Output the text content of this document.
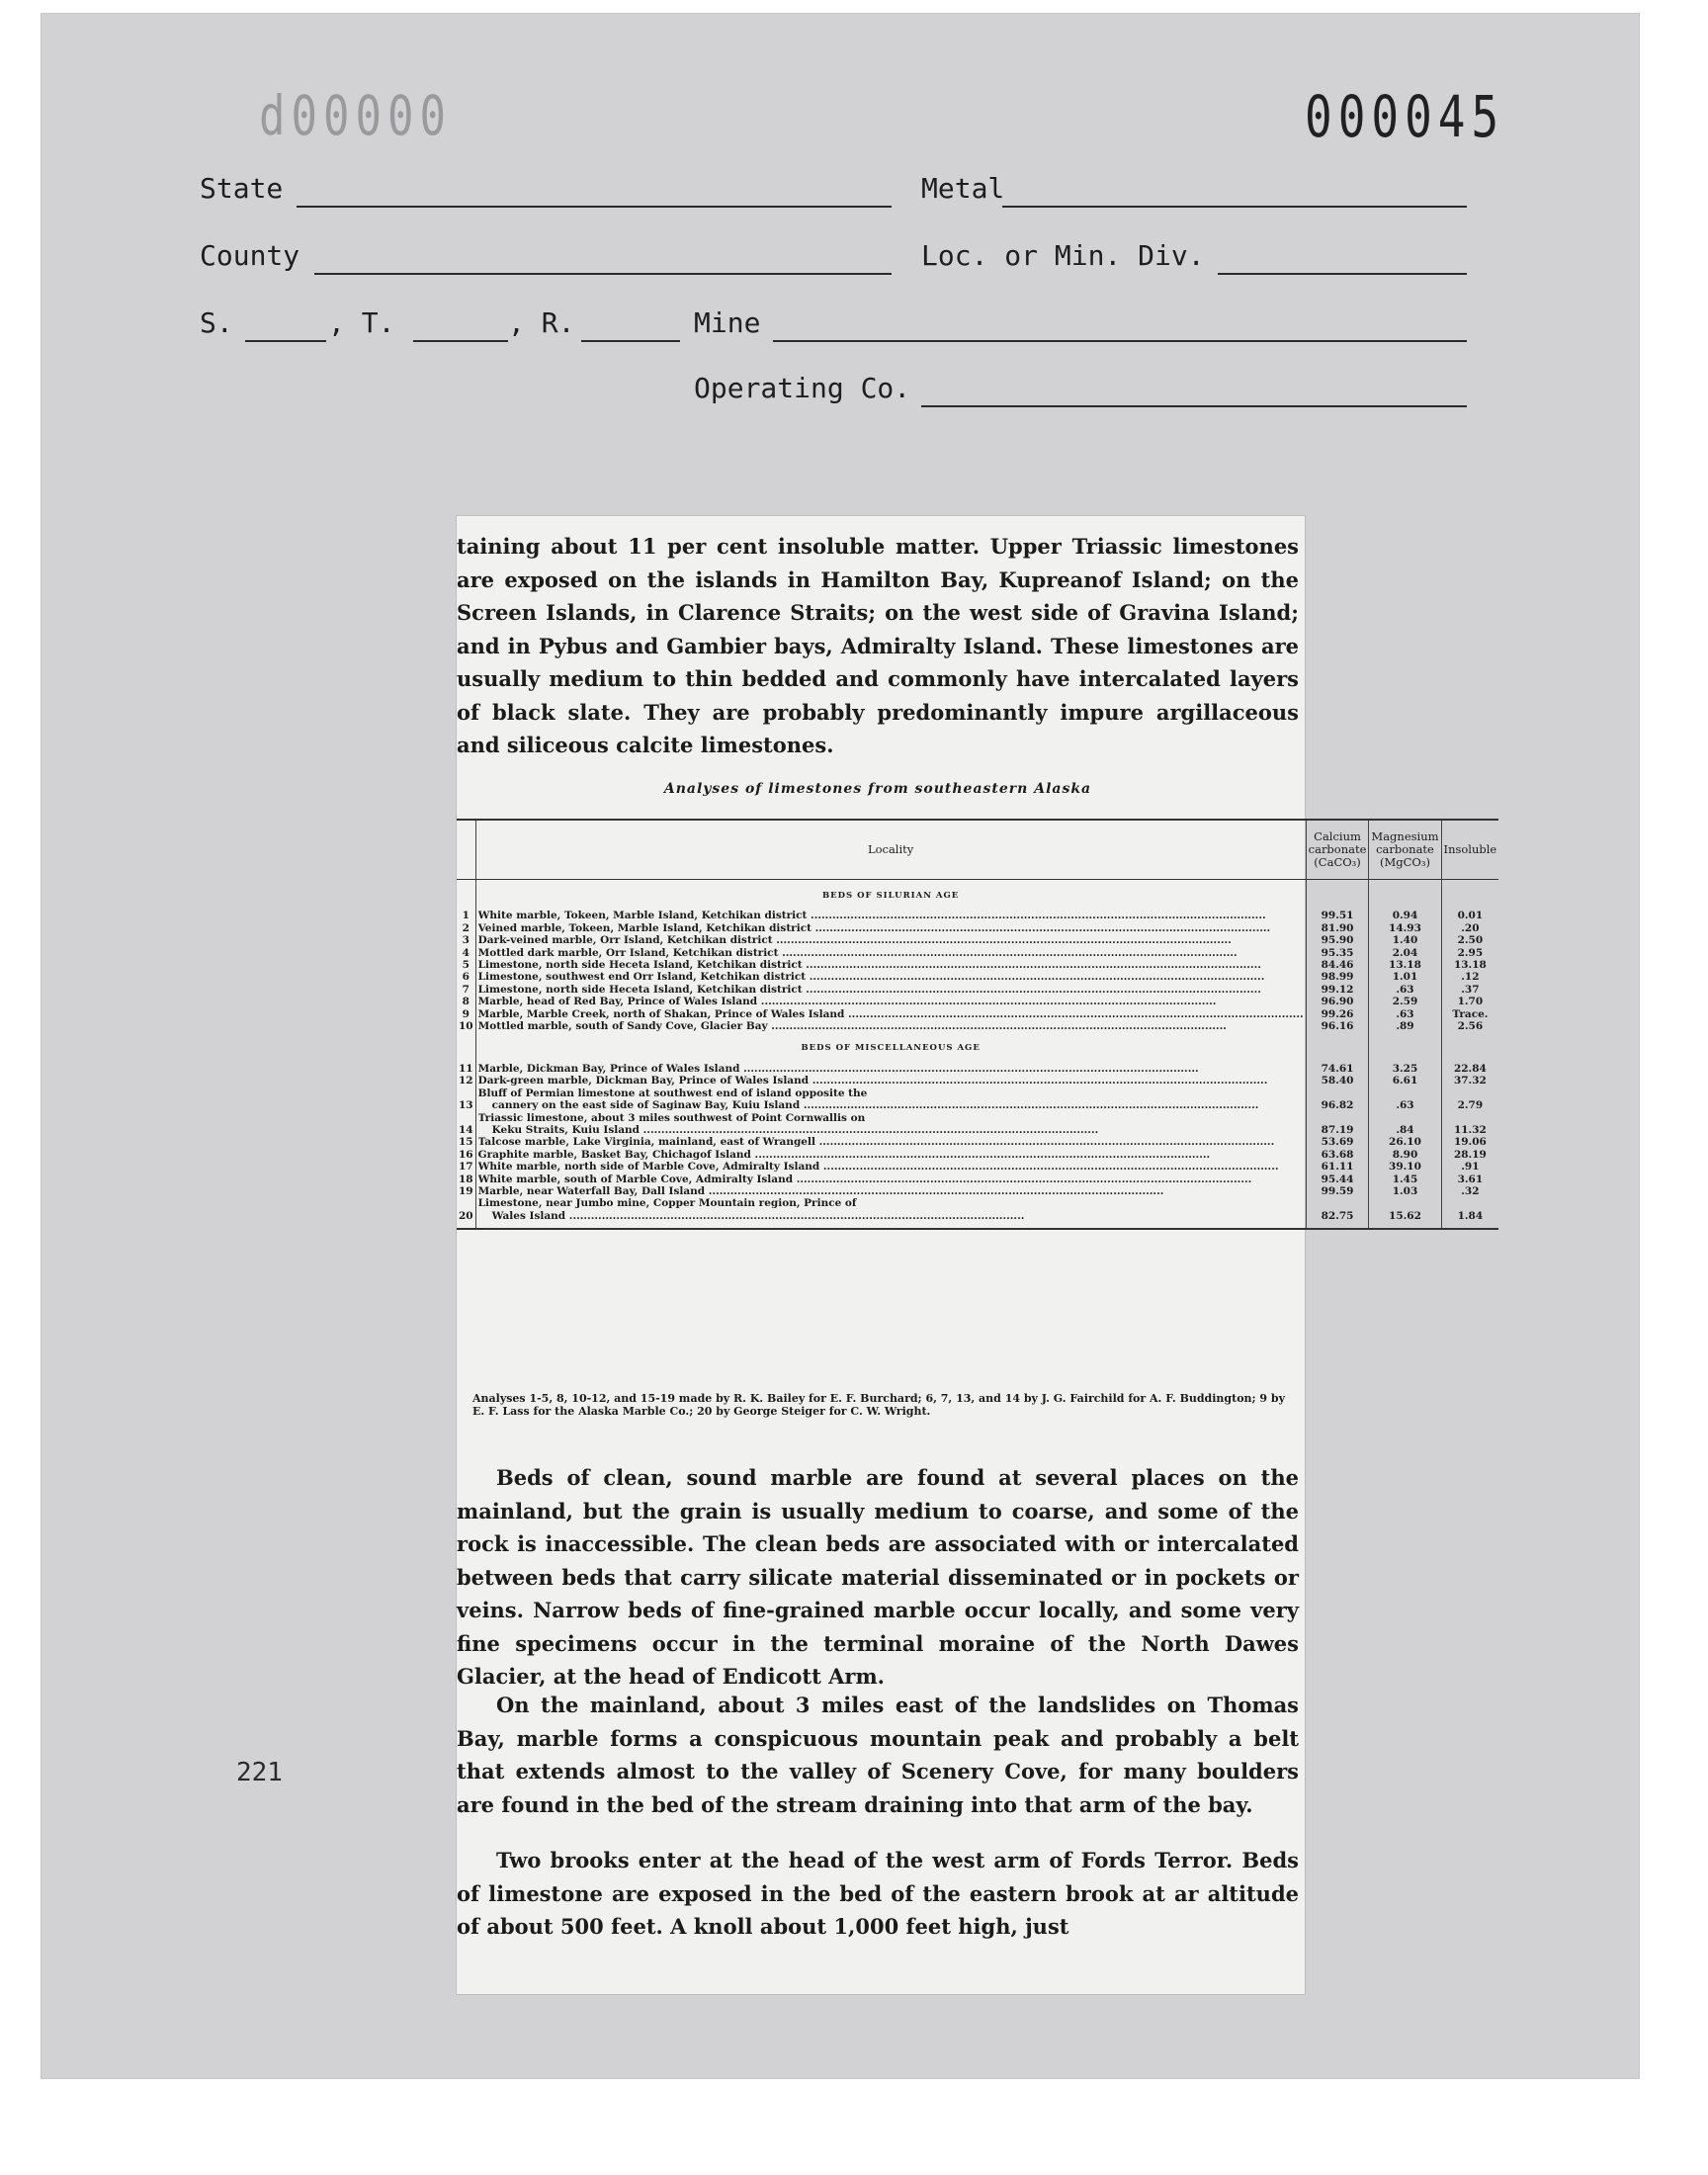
d00000	000045
State	Metal
County	Loc. or Min. Div.
S.	, T.	, R.	Mine
Operating Co.
221

taining about 11 per cent insoluble matter. Upper Triassic limestones are exposed on the islands in Hamilton Bay, Kupreanof Island; on the Screen Islands, in Clarence Straits; on the west side of Gravina Island; and in Pybus and Gambier bays, Admiralty Island. These limestones are usually medium to thin bedded and commonly have intercalated layers of black slate. They are probably predominantly impure argillaceous and siliceous calcite limestones.

Analyses of limestones from southeastern Alaska
	Locality	Calcium carbonate (CaCO₃)	Magnesium carbonate (MgCO₃)	Insoluble
	BEDS OF SILURIAN AGE			
1	White marble, Tokeen, Marble Island, Ketchikan district .....	99.51	0.94	0.01
2	Veined marble, Tokeen, Marble Island, Ketchikan district .....	81.90	14.93	.20
3	Dark-veined marble, Orr Island, Ketchikan district .....	95.90	1.40	2.50
4	Mottled dark marble, Orr Island, Ketchikan district .....	95.35	2.04	2.95
5	Limestone, north side Heceta Island, Ketchikan district .....	84.46	13.18	13.18
6	Limestone, southwest end Orr Island, Ketchikan district .....	98.99	1.01	.12
7	Limestone, north side Heceta Island, Ketchikan district .....	99.12	.63	.37
8	Marble, head of Red Bay, Prince of Wales Island .....	96.90	2.59	1.70
9	Marble, Marble Creek, north of Shakan, Prince of Wales Island .....	99.26	.63	Trace.
10	Mottled marble, south of Sandy Cove, Glacier Bay .....	96.16	.89	2.56
	BEDS OF MISCELLANEOUS AGE			
11	Marble, Dickman Bay, Prince of Wales Island .....	74.61	3.25	22.84
12	Dark-green marble, Dickman Bay, Prince of Wales Island .....	58.40	6.61	37.32
13	Bluff of Permian limestone at southwest end of island opposite the
cannery on the east side of Saginaw Bay, Kuiu Island .....	96.82	.63	2.79
14	Triassic limestone, about 3 miles southwest of Point Cornwallis on
Keku Straits, Kuiu Island .....	87.19	.84	11.32
15	Talcose marble, Lake Virginia, mainland, east of Wrangell .....	53.69	26.10	19.06
16	Graphite marble, Basket Bay, Chichagof Island .....	63.68	8.90	28.19
17	White marble, north side of Marble Cove, Admiralty Island .....	61.11	39.10	.91
18	White marble, south of Marble Cove, Admiralty Island .....	95.44	1.45	3.61
19	Marble, near Waterfall Bay, Dall Island .....	99.59	1.03	.32
20	Limestone, near Jumbo mine, Copper Mountain region, Prince of
Wales Island .....	82.75	15.62	1.84
Analyses 1-5, 8, 10-12, and 15-19 made by R. K. Bailey for E. F. Burchard; 6, 7, 13, and 14 by J. G. Fairchild for A. F. Buddington; 9 by E. F. Lass for the Alaska Marble Co.; 20 by George Steiger for C. W. Wright.

Beds of clean, sound marble are found at several places on the mainland, but the grain is usually medium to coarse, and some of the rock is inaccessible. The clean beds are associated with or intercalated between beds that carry silicate material disseminated or in pockets or veins. Narrow beds of fine-grained marble occur locally, and some very fine specimens occur in the terminal moraine of the North Dawes Glacier, at the head of Endicott Arm.

On the mainland, about 3 miles east of the landslides on Thomas Bay, marble forms a conspicuous mountain peak and probably a belt that extends almost to the valley of Scenery Cove, for many boulders are found in the bed of the stream draining into that arm of the bay.

Two brooks enter at the head of the west arm of Fords Terror. Beds of limestone are exposed in the bed of the eastern brook at ar altitude of about 500 feet. A knoll about 1,000 feet high, just
